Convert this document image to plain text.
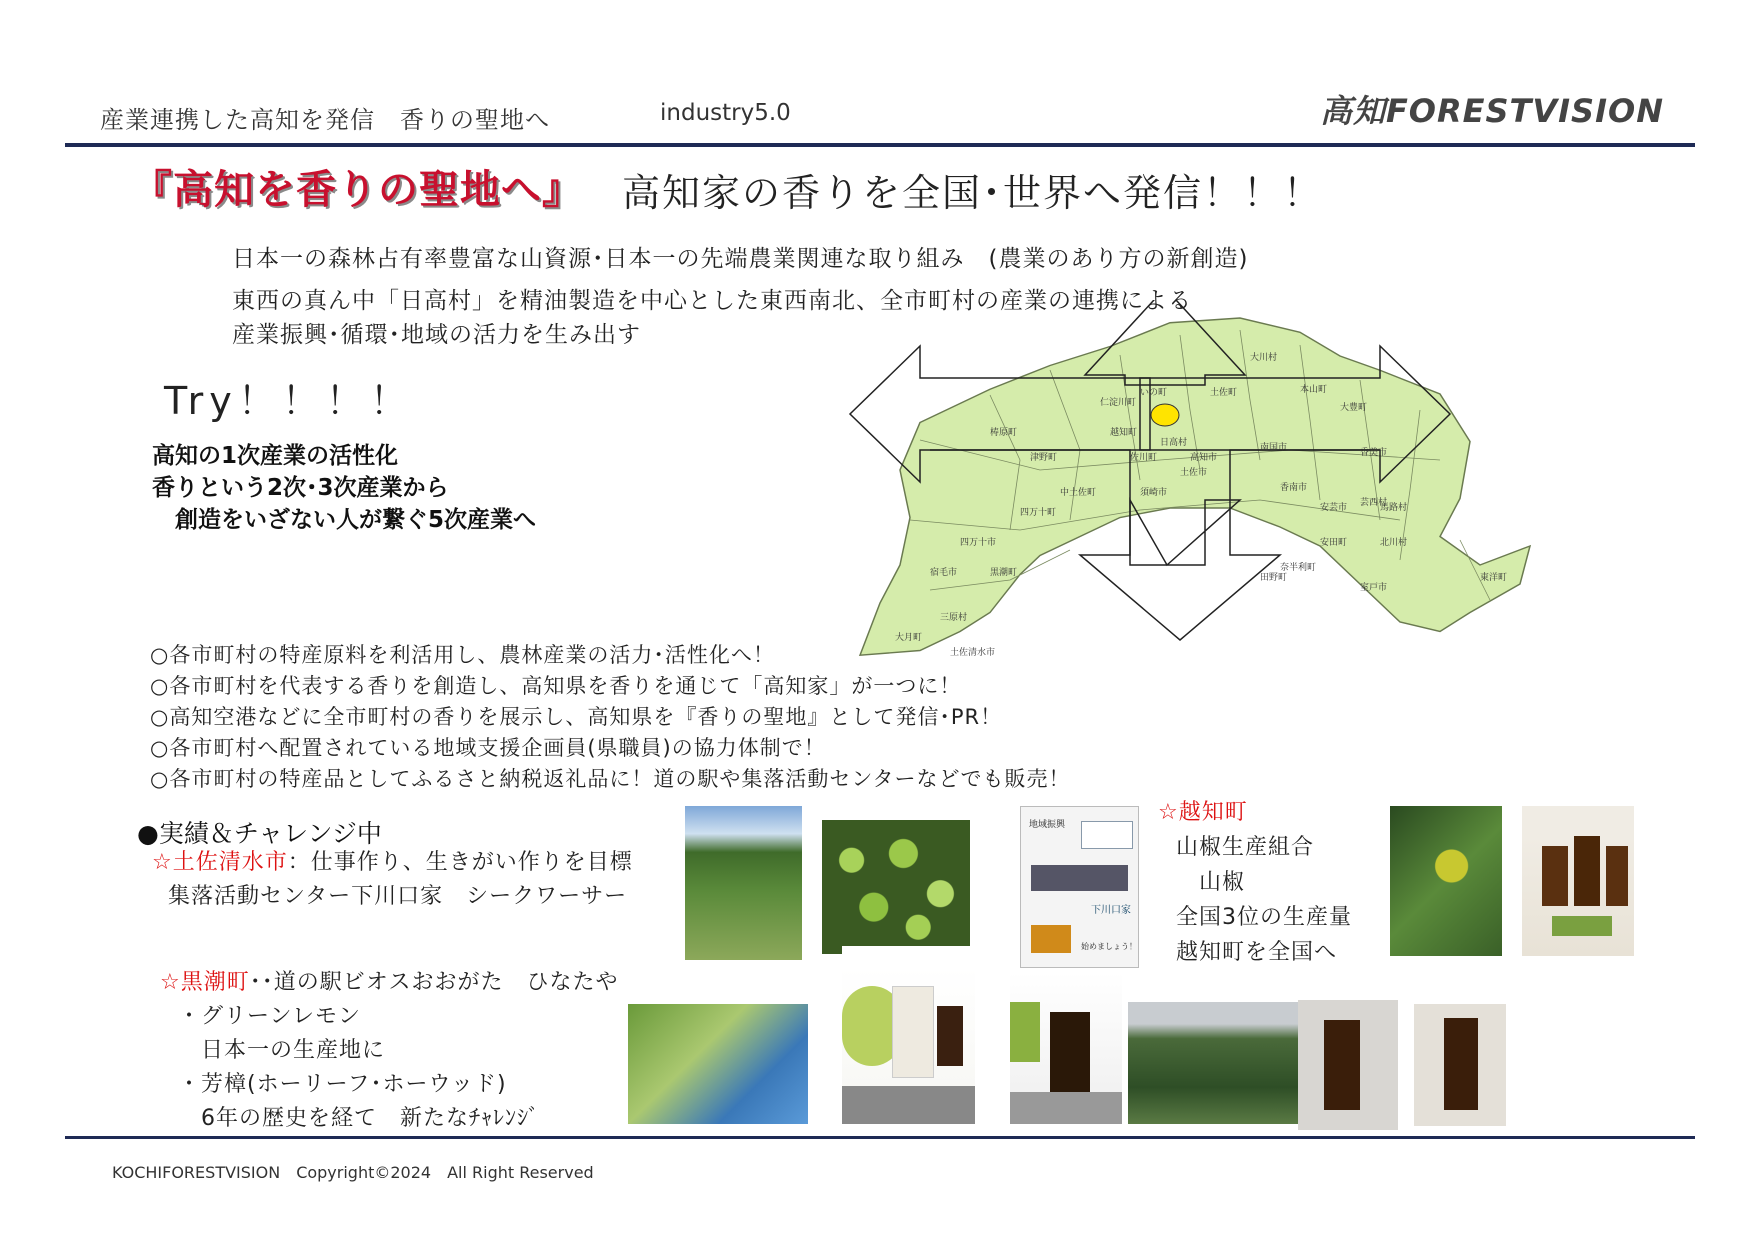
産業連携した高知を発信　香りの聖地へ	industry5.0	高知FORESTVISION
『高知を香りの聖地へ』 高知家の香りを全国･世界へ発信！！！
日本一の森林占有率豊富な山資源･日本一の先端農業関連な取り組み　(農業のあり方の新創造)
東西の真ん中「日高村」を精油製造を中心とした東西南北、全市町村の産業の連携による
産業振興･循環･地域の活力を生み出す
Try！！！！
高知の1次産業の活性化
香りという2次･3次産業から
　創造をいざない人が繋ぐ5次産業へ
大川村
本山町
大豊町
いの町	土佐町
仁淀川町
梼原町	越知町
佐川町
日高村
高知市
南国市	香美市
津野町
土佐市
香南市
中土佐町	須崎市
芸西村
安芸市	馬路村
四万十町
安田町	北川村
四万十市
黒潮町
宿毛市	奈半利町
田野町	東洋町
室戸市
三原村
大月町
土佐清水市
○各市町村の特産原料を利活用し、農林産業の活力･活性化へ！
○各市町村を代表する香りを創造し、高知県を香りを通じて「高知家」が一つに！
○高知空港などに全市町村の香りを展示し、高知県を『香りの聖地』として発信･PR！
○各市町村へ配置されている地域支援企画員(県職員)の協力体制で！
○各市町村の特産品としてふるさと納税返礼品に！道の駅や集落活動センターなどでも販売！
●実績＆チャレンジ中
☆土佐清水市：仕事作り、生きがい作りを目標
集落活動センター下川口家　シークワーサー
☆黒潮町･･道の駅ビオスおおがた　ひなたや
・グリーンレモン
　日本一の生産地に
・芳樟(ホーリーフ･ホーウッド)
　6年の歴史を経て　新たなﾁｬﾚﾝｼﾞ
☆越知町
山椒生産組合
　山椒
全国3位の生産量
越知町を全国へ
地域振興
下川口家
始めましょう！
KOCHIFORESTVISION　Copyright©2024　All Right Reserved
